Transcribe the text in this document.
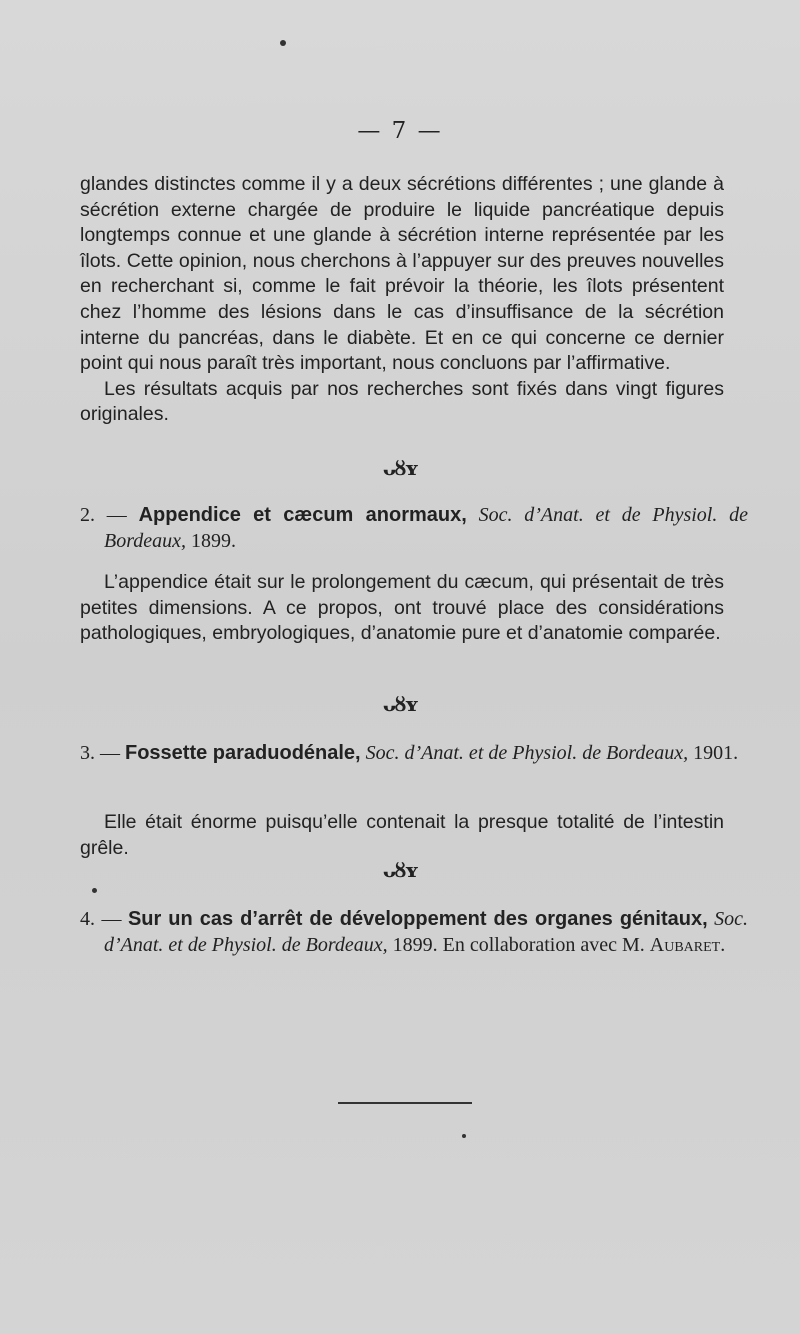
— 7 —

glandes distinctes comme il y a deux sécrétions différentes ; une glande à sécrétion externe chargée de produire le liquide pancréatique depuis longtemps connue et une glande à sécrétion interne représentée par les îlots. Cette opinion, nous cherchons à l’appuyer sur des preuves nouvelles en recherchant si, comme le fait prévoir la théorie, les îlots présentent chez l’homme des lésions dans le cas d’insuffisance de la sécrétion interne du pancréas, dans le diabète. Et en ce qui concerne ce dernier point qui nous paraît très important, nous concluons par l’affirmative.

Les résultats acquis par nos recherches sont fixés dans vingt figures originales.

ᴗȣʏ
2. — Appendice et cæcum anormaux, Soc. d’Anat. et de Physiol. de Bordeaux, 1899.
L’appendice était sur le prolongement du cæcum, qui présentait de très petites dimensions. A ce propos, ont trouvé place des considérations pathologiques, embryologiques, d’anatomie pure et d’anatomie comparée.
ᴗȣʏ
3. — Fossette paraduodénale, Soc. d’Anat. et de Physiol. de Bordeaux, 1901.
Elle était énorme puisqu’elle contenait la presque totalité de l’intestin grêle.
ᴗȣʏ
4. — Sur un cas d’arrêt de développement des organes génitaux, Soc. d’Anat. et de Physiol. de Bordeaux, 1899. En collaboration avec M. Aubaret.
